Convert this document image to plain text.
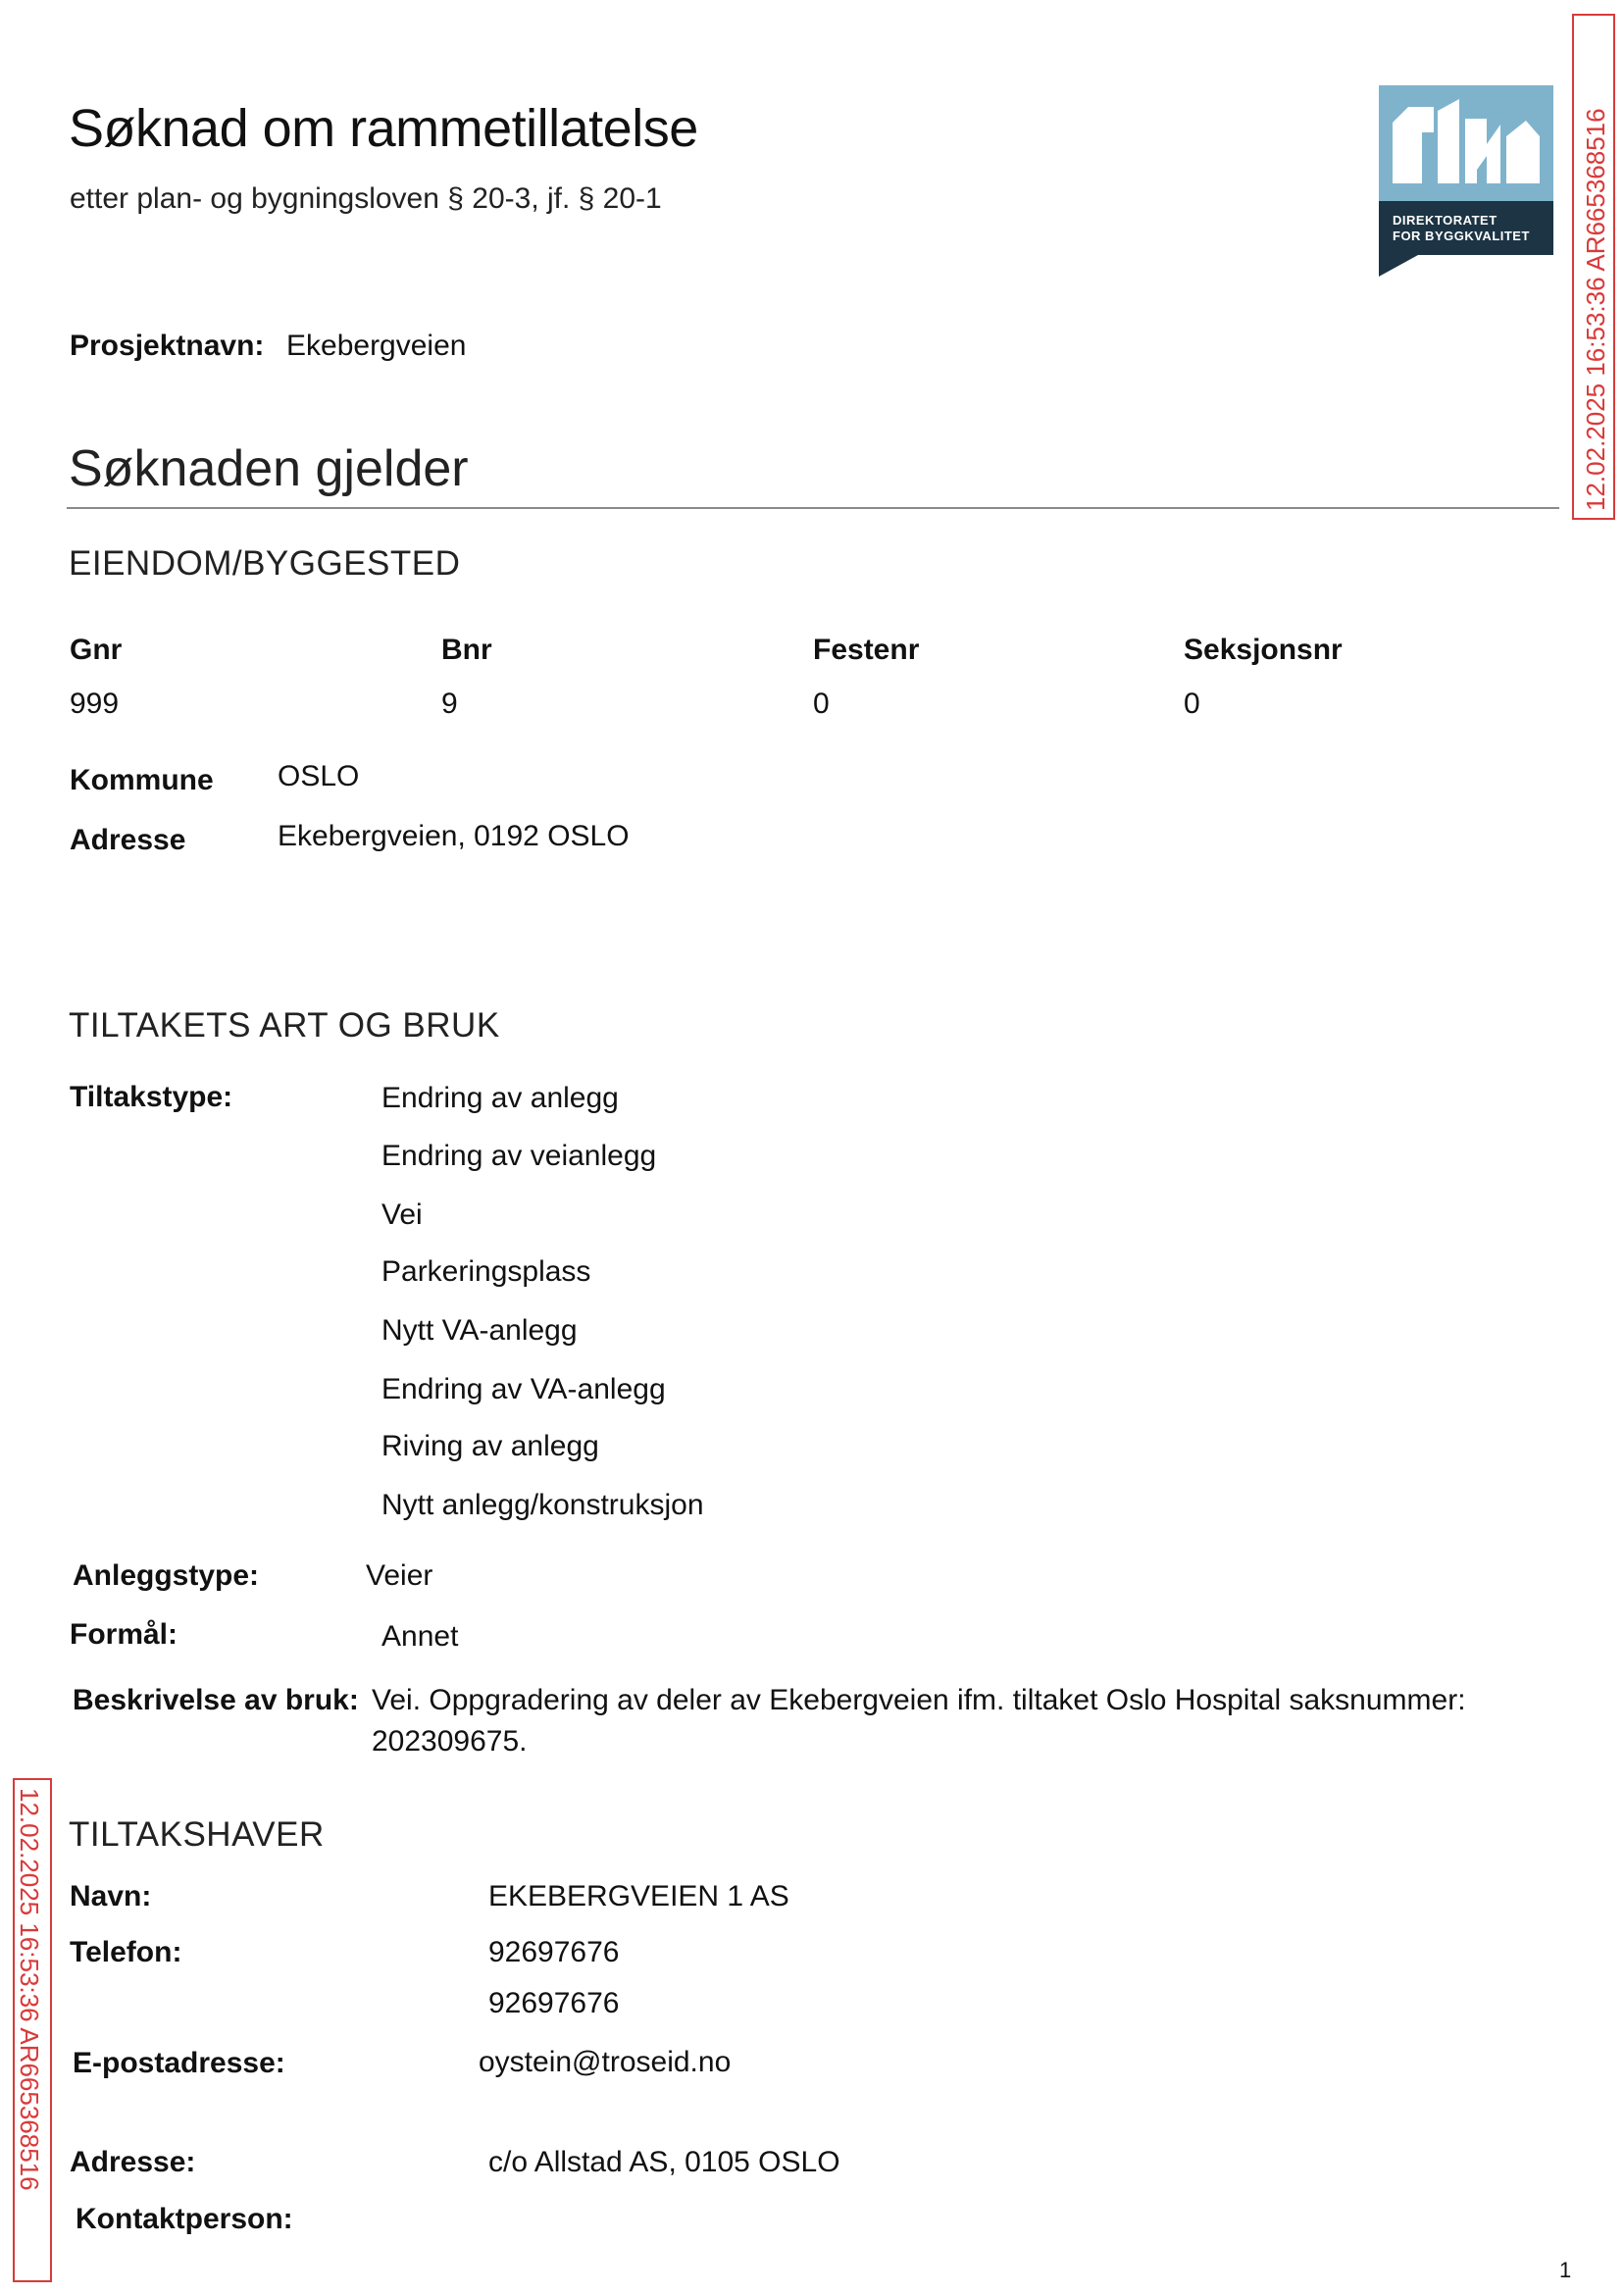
Søknad om rammetillatelse
etter plan- og bygningsloven § 20-3, jf. § 20-1
DIREKTORATET
FOR BYGGKVALITET 12.02.2025 16:53:36 AR665368516
12.02.2025 16:53:36 AR665368516
Prosjektnavn: Ekebergveien
Søknaden gjelder
EIENDOM/BYGGESTED
Gnr	Bnr	Festenr	Seksjonsnr
999	9	0	0
Kommune OSLO
Adresse	Ekebergveien, 0192 OSLO
TILTAKETS ART OG BRUK
Tiltakstype:	Endring av anlegg
Endring av veianlegg
Vei
Parkeringsplass
Nytt VA-anlegg
Endring av VA-anlegg
Riving av anlegg
Nytt anlegg/konstruksjon
Anleggstype:	Veier
Formål:	Annet
Beskrivelse av bruk: Vei. Oppgradering av deler av Ekebergveien ifm. tiltaket Oslo Hospital saksnummer:
202309675.
TILTAKSHAVER
Navn:	EKEBERGVEIEN 1 AS
Telefon:	92697676
92697676
E-postadresse:	oystein@troseid.no
Adresse:	c/o Allstad AS, 0105 OSLO
Kontaktperson:
1
